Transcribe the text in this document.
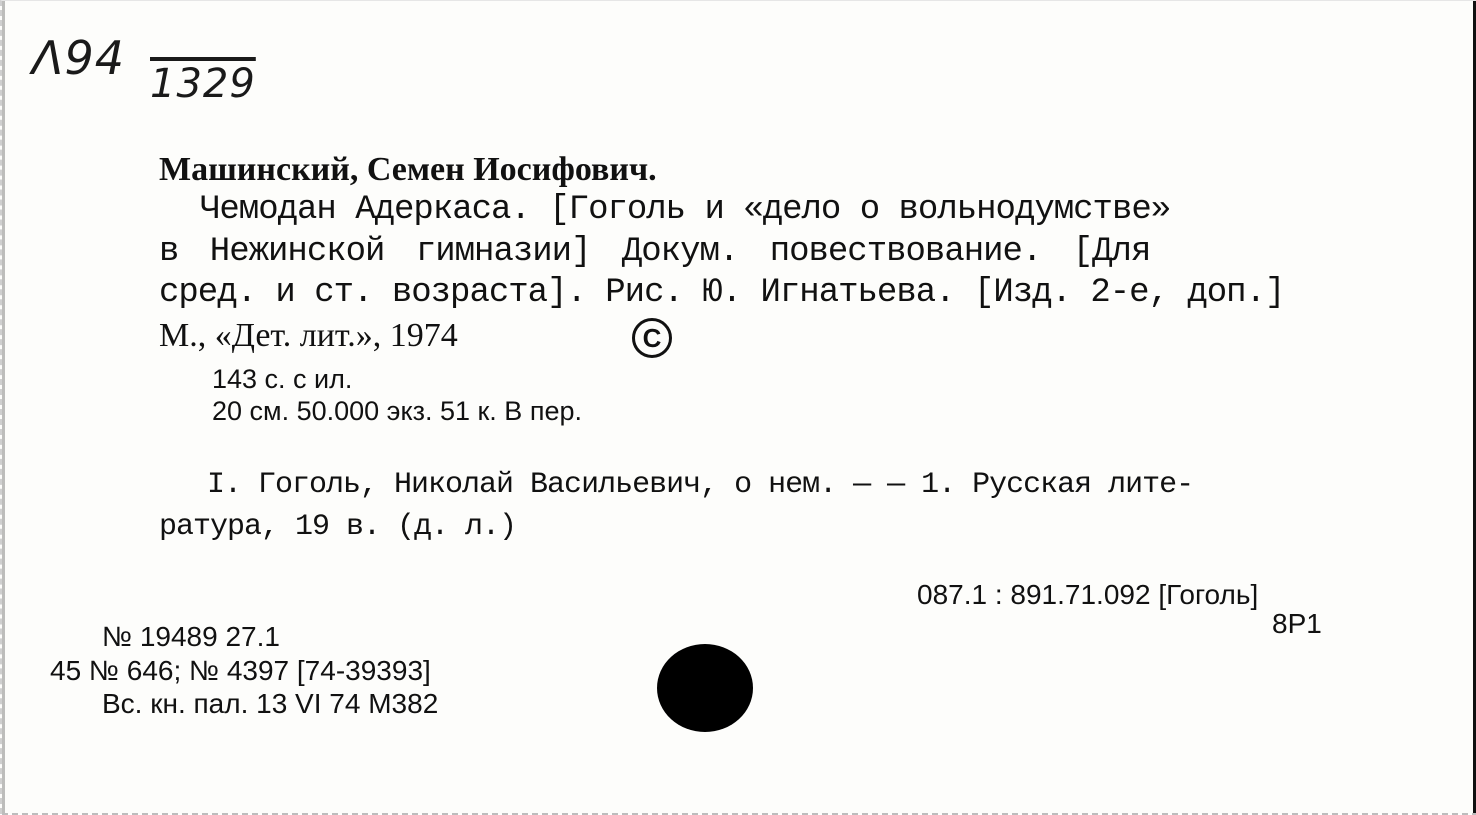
Λ94 1329
Машинский, Семен Иосифович.
Чемодан Адеркаса. [Гоголь и «дело о вольнодумстве»
в Нежинской гимназии] Докум. повествование. [Для
сред. и ст. возраста]. Рис. Ю. Игнатьева. [Изд. 2-е, доп.]
М., «Дет. лит.», 1974	C
143 с. с ил.
20 см. 50.000 экз. 51 к. В пер.
I. Гоголь, Николай Васильевич, о нем. — — 1. Русская лите-
ратура, 19 в. (д. л.)
087.1 : 891.71.092 [Гоголь]
8Р1
№ 19489 27.1
45 № 646; № 4397 [74-39393]
Вс. кн. пал. 13 VI 74 М382
